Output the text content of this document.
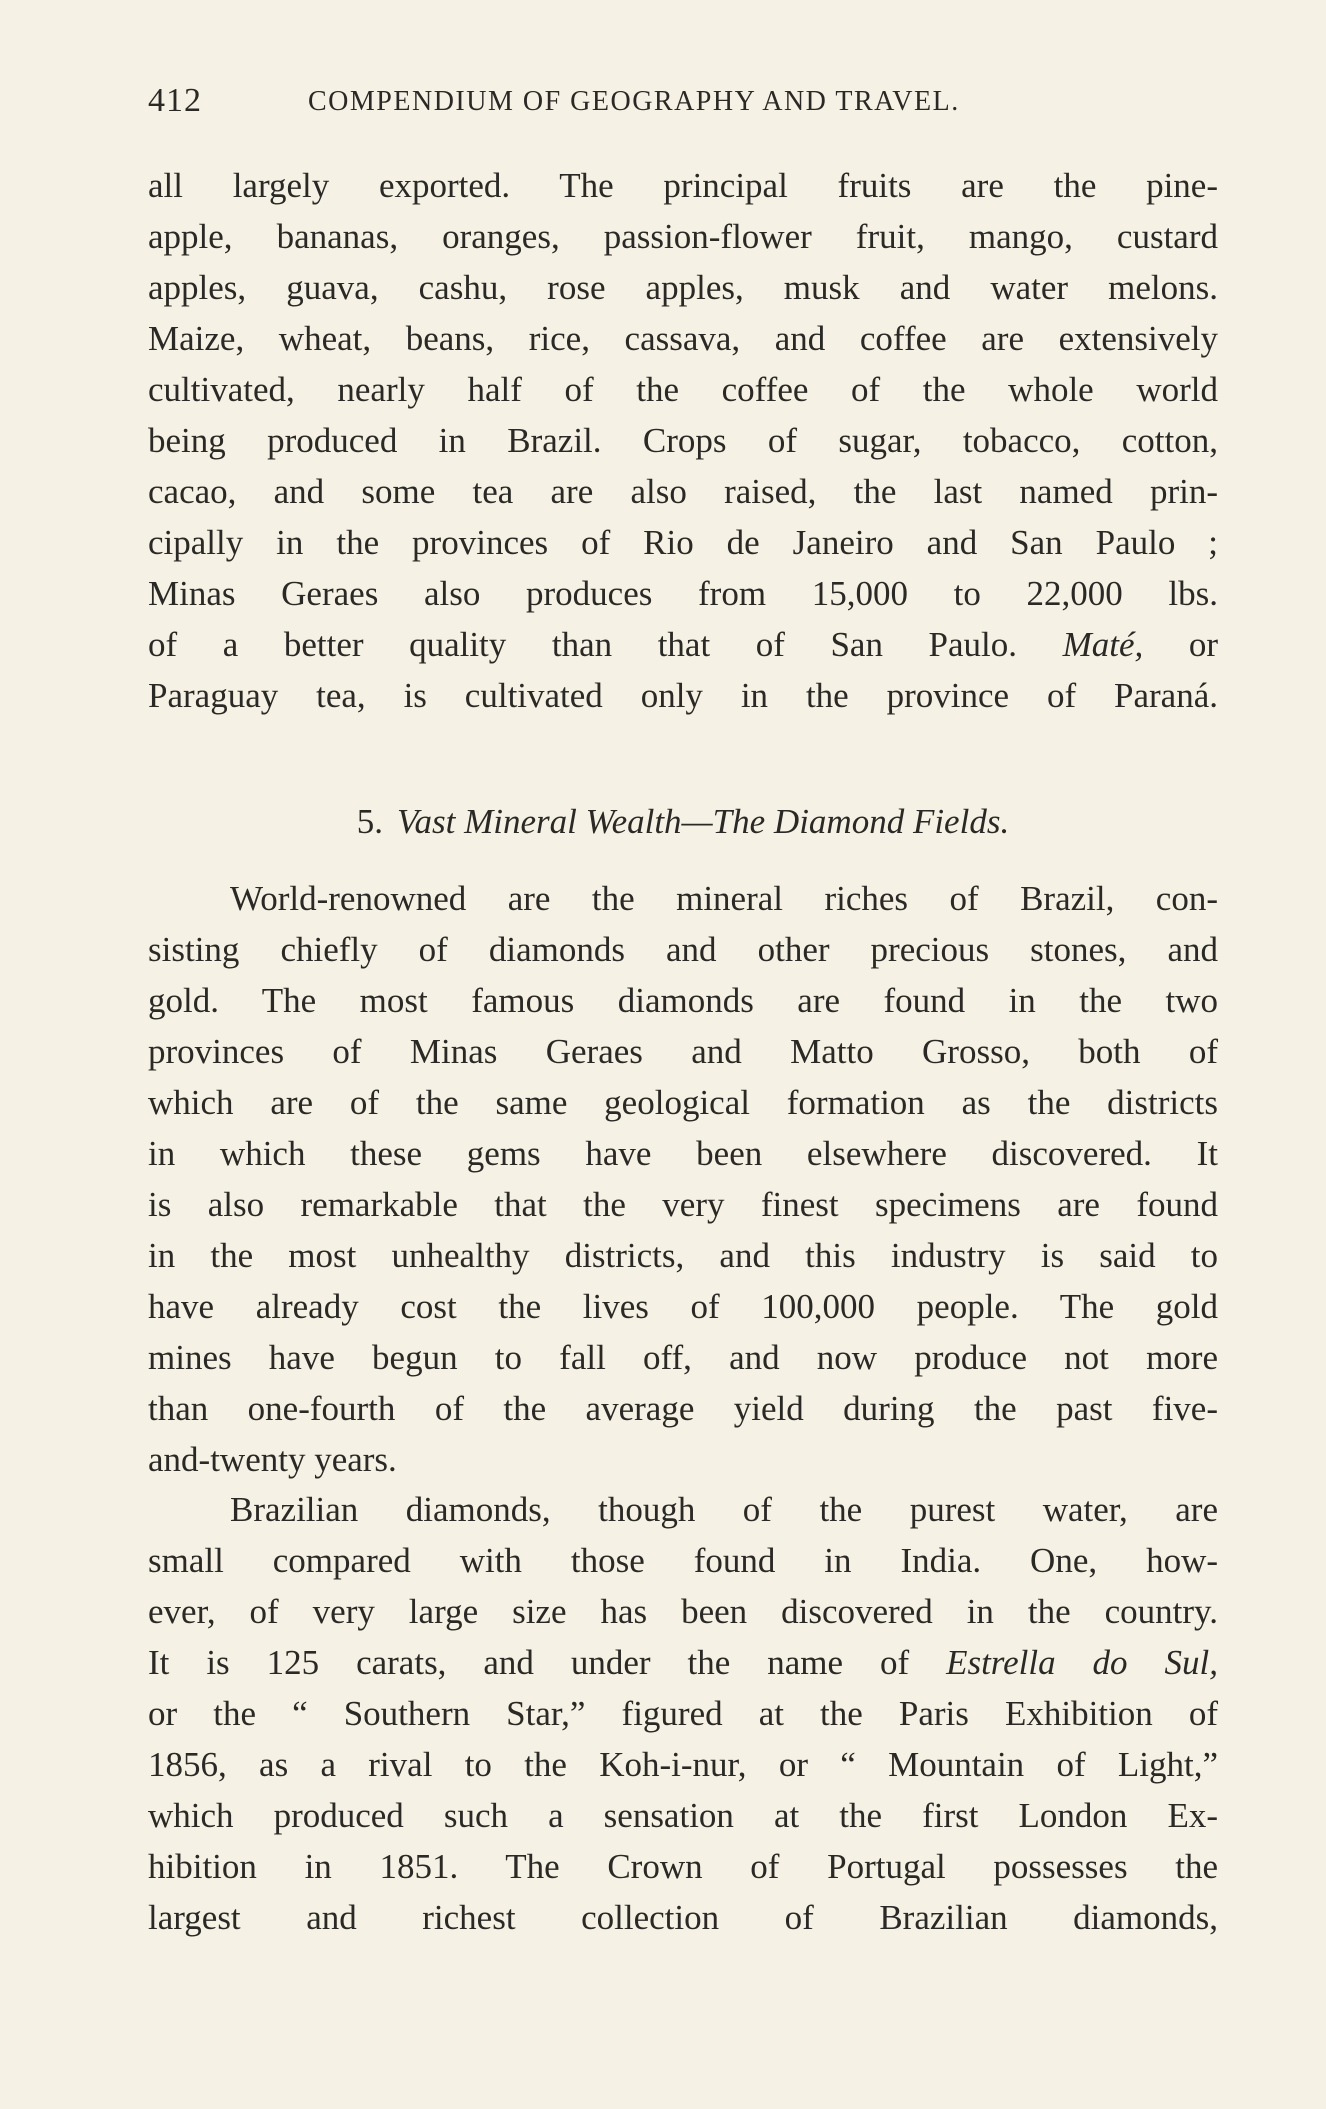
412	COMPENDIUM OF GEOGRAPHY AND TRAVEL.
all largely exported. The principal fruits are the pine-
apple, bananas, oranges, passion-flower fruit, mango, custard
apples, guava, cashu, rose apples, musk and water melons.
Maize, wheat, beans, rice, cassava, and coffee are extensively
cultivated, nearly half of the coffee of the whole world
being produced in Brazil. Crops of sugar, tobacco, cotton,
cacao, and some tea are also raised, the last named prin-
cipally in the provinces of Rio de Janeiro and San Paulo ;
Minas Geraes also produces from 15,000 to 22,000 lbs.
of a better quality than that of San Paulo. Maté, or
Paraguay tea, is cultivated only in the province of Paraná.
5. Vast Mineral Wealth—The Diamond Fields.
World-renowned are the mineral riches of Brazil, con-
sisting chiefly of diamonds and other precious stones, and
gold. The most famous diamonds are found in the two
provinces of Minas Geraes and Matto Grosso, both of
which are of the same geological formation as the districts
in which these gems have been elsewhere discovered. It
is also remarkable that the very finest specimens are found
in the most unhealthy districts, and this industry is said to
have already cost the lives of 100,000 people. The gold
mines have begun to fall off, and now produce not more
than one-fourth of the average yield during the past five-
and-twenty years.
Brazilian diamonds, though of the purest water, are
small compared with those found in India. One, how-
ever, of very large size has been discovered in the country.
It is 125 carats, and under the name of Estrella do Sul,
or the “ Southern Star,” figured at the Paris Exhibition of
1856, as a rival to the Koh-i-nur, or “ Mountain of Light,”
which produced such a sensation at the first London Ex-
hibition in 1851. The Crown of Portugal possesses the
largest and richest collection of Brazilian diamonds,
